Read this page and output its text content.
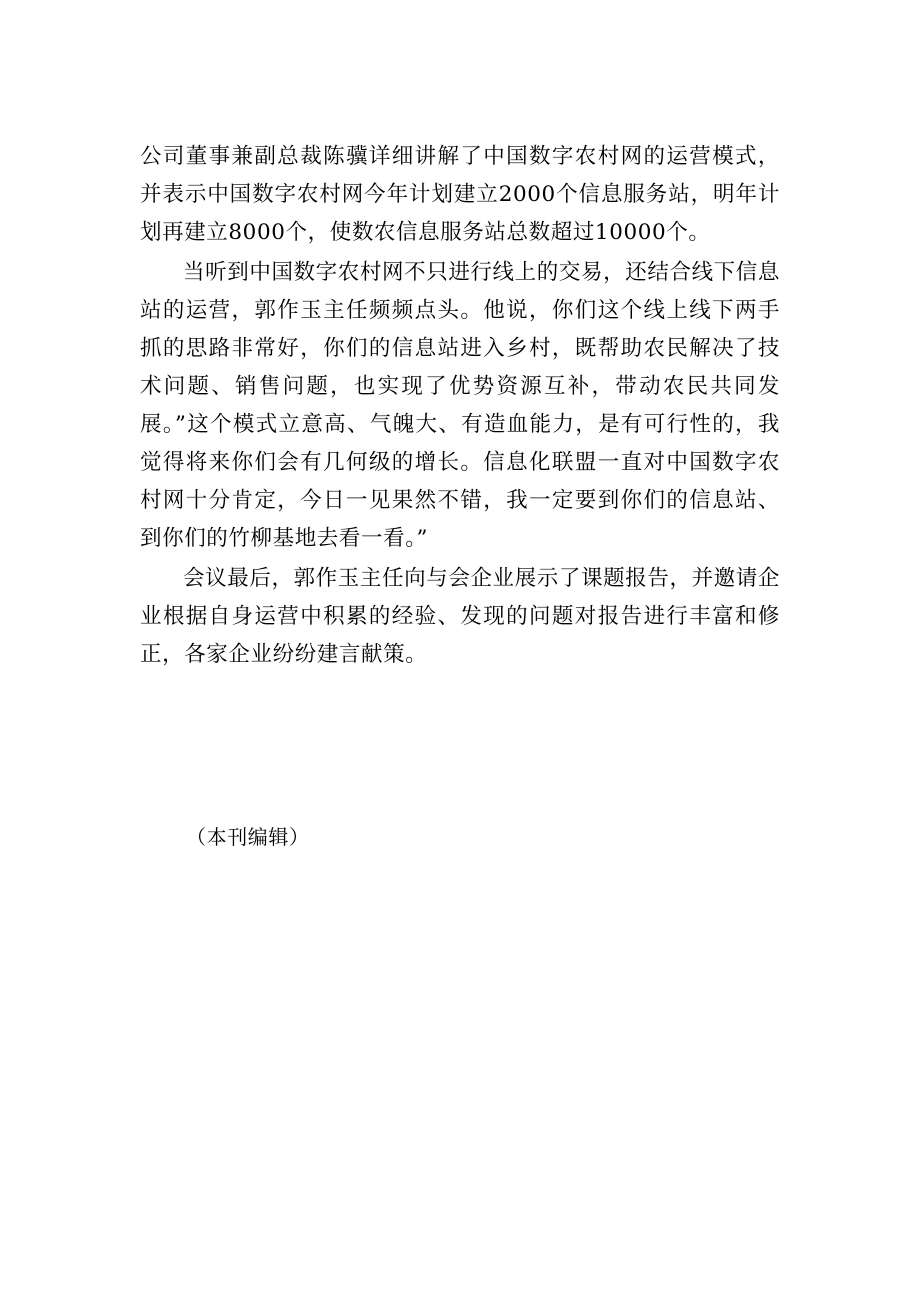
公司董事兼副总裁陈骥详细讲解了中国数字农村网的运营模式，并表示中国数字农村网今年计划建立2000个信息服务站，明年计划再建立8000个，使数农信息服务站总数超过10000个。

当听到中国数字农村网不只进行线上的交易，还结合线下信息站的运营，郭作玉主任频频点头。他说，你们这个线上线下两手抓的思路非常好，你们的信息站进入乡村，既帮助农民解决了技术问题、销售问题，也实现了优势资源互补，带动农民共同发展。”这个模式立意高、气魄大、有造血能力，是有可行性的，我觉得将来你们会有几何级的增长。信息化联盟一直对中国数字农村网十分肯定，今日一见果然不错，我一定要到你们的信息站、到你们的竹柳基地去看一看。”

会议最后，郭作玉主任向与会企业展示了课题报告，并邀请企业根据自身运营中积累的经验、发现的问题对报告进行丰富和修正，各家企业纷纷建言献策。

（本刊编辑）
